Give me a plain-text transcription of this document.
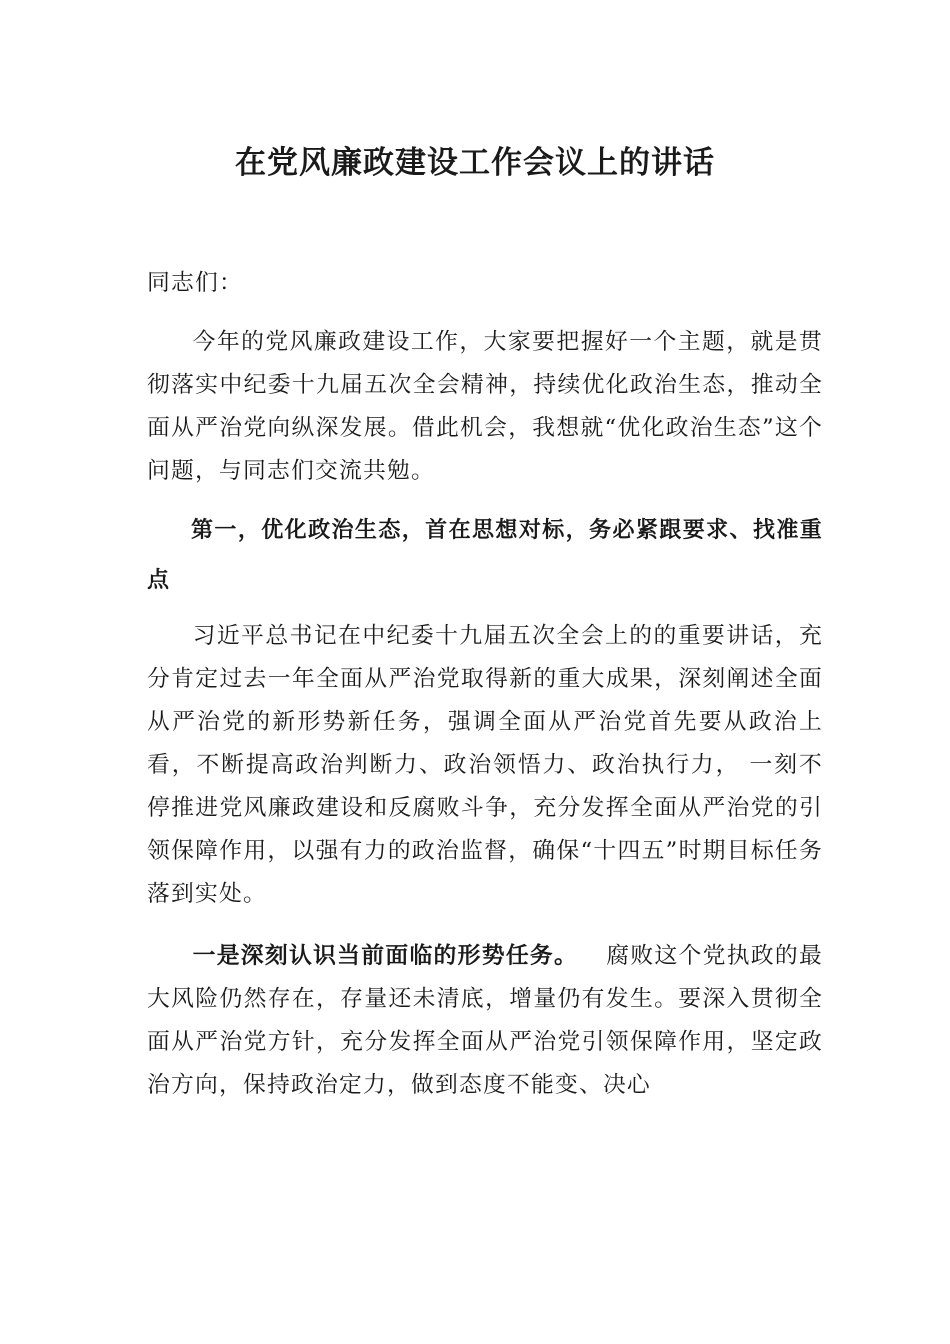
在党风廉政建设工作会议上的讲话

同志们：

今年的党风廉政建设工作，大家要把握好一个主题，就是贯彻落实中纪委十九届五次全会精神，持续优化政治生态，推动全面从严治党向纵深发展。借此机会，我想就“优化政治生态”这个问题，与同志们交流共勉。

第一，优化政治生态，首在思想对标，务必紧跟要求、找准重点

习近平总书记在中纪委十九届五次全会上的的重要讲话，充分肯定过去一年全面从严治党取得新的重大成果，深刻阐述全面从严治党的新形势新任务，强调全面从严治党首先要从政治上看，不断提高政治判断力、政治领悟力、政治执行力， 一刻不停推进党风廉政建设和反腐败斗争，充分发挥全面从严治党的引领保障作用，以强有力的政治监督，确保“十四五”时期目标任务落到实处。

一是深刻认识当前面临的形势任务。 腐败这个党执政的最大风险仍然存在，存量还未清底，增量仍有发生。要深入贯彻全面从严治党方针，充分发挥全面从严治党引领保障作用，坚定政治方向，保持政治定力，做到态度不能变、决心
